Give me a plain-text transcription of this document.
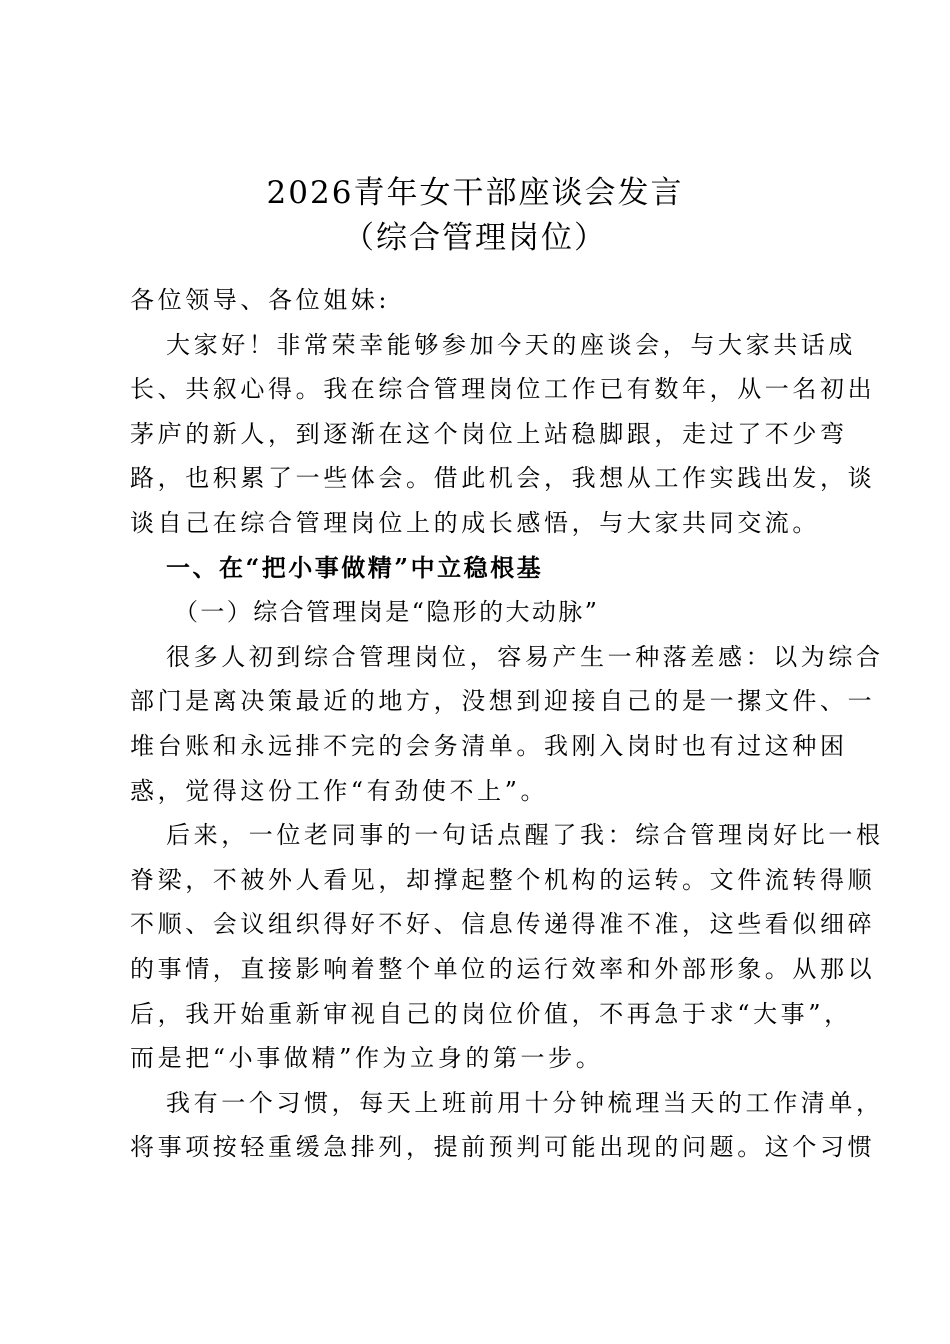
2026青年女干部座谈会发言
（综合管理岗位）
各位领导、各位姐妹:
大家好！非常荣幸能够参加今天的座谈会，与大家共话成
长、共叙心得。我在综合管理岗位工作已有数年，从一名初出
茅庐的新人，到逐渐在这个岗位上站稳脚跟，走过了不少弯
路，也积累了一些体会。借此机会，我想从工作实践出发，谈
谈自己在综合管理岗位上的成长感悟，与大家共同交流。
一、在“把小事做精”中立稳根基
（一）综合管理岗是“隐形的大动脉”
很多人初到综合管理岗位，容易产生一种落差感：以为综合
部门是离决策最近的地方，没想到迎接自己的是一摞文件、一
堆台账和永远排不完的会务清单。我刚入岗时也有过这种困
惑，觉得这份工作“有劲使不上”。
后来，一位老同事的一句话点醒了我：综合管理岗好比一根
脊梁，不被外人看见，却撑起整个机构的运转。文件流转得顺
不顺、会议组织得好不好、信息传递得准不准，这些看似细碎
的事情，直接影响着整个单位的运行效率和外部形象。从那以
后，我开始重新审视自己的岗位价值，不再急于求“大事”，
而是把“小事做精”作为立身的第一步。
我有一个习惯，每天上班前用十分钟梳理当天的工作清单，
将事项按轻重缓急排列，提前预判可能出现的问题。这个习惯
